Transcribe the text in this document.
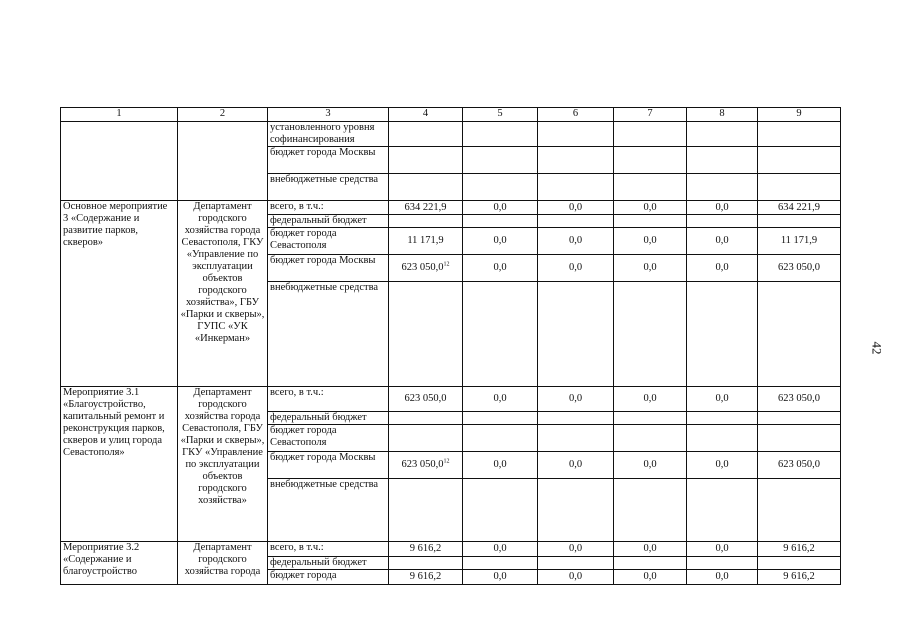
42
1	2	3	4	5	6	7	8	9
		установленного уровня софинансирования						
		бюджет города Москвы						
		внебюджетные средства						
Основное мероприятие 3 «Содержание и развитие парков, скверов»	Департамент городского хозяйства города Севастополя, ГКУ «Управление по эксплуатации объектов городского хозяйства», ГБУ «Парки и скверы», ГУПС «УК «Инкерман»	всего, в т.ч.:	634 221,9	0,0	0,0	0,0	0,0	634 221,9
		федеральный бюджет						
		бюджет города Севастополя	11 171,9	0,0	0,0	0,0	0,0	11 171,9
		бюджет города Москвы	623 050,0$^{12}$	0,0	0,0	0,0	0,0	623 050,0
		внебюджетные средства						
Мероприятие 3.1 «Благоустройство, капитальный ремонт и реконструкция парков, скверов и улиц города Севастополя»	Департамент городского хозяйства города Севастополя, ГБУ «Парки и скверы», ГКУ «Управление по эксплуатации объектов городского хозяйства»	всего, в т.ч.:	623 050,0	0,0	0,0	0,0	0,0	623 050,0
		федеральный бюджет						
		бюджет города Севастополя						
		бюджет города Москвы	623 050,0$^{12}$	0,0	0,0	0,0	0,0	623 050,0
		внебюджетные средства						
Мероприятие 3.2 «Содержание и благоустройство	Департамент городского хозяйства города	всего, в т.ч.:	9 616,2	0,0	0,0	0,0	0,0	9 616,2
		федеральный бюджет						
		бюджет города	9 616,2	0,0	0,0	0,0	0,0	9 616,2
